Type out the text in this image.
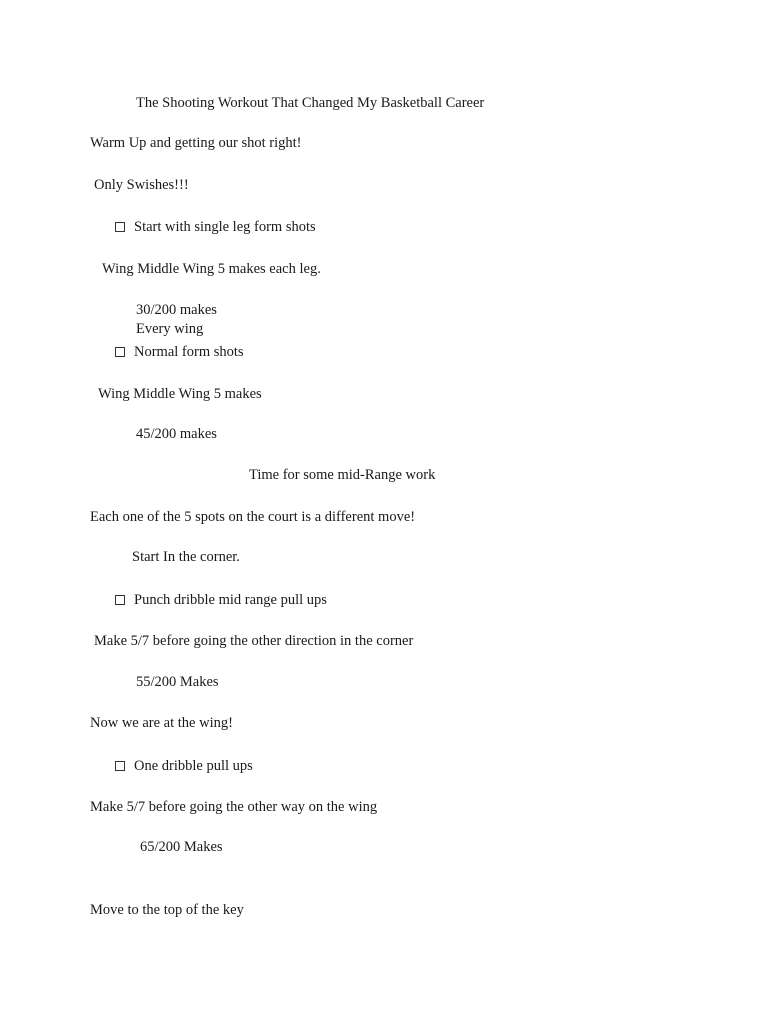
The Shooting Workout That Changed My Basketball Career
Warm Up and getting our shot right!
Only Swishes!!!
Start with single leg form shots
Wing Middle Wing 5 makes each leg.
30/200 makes
Every wing
Normal form shots
Wing Middle Wing 5 makes
45/200 makes
Time for some mid-Range work
Each one of the 5 spots on the court is a different move!
Start In the corner.
Punch dribble mid range pull ups
Make 5/7 before going the other direction in the corner
55/200 Makes
Now we are at the wing!
One dribble pull ups
Make 5/7 before going the other way on the wing
65/200 Makes
Move to the top of the key
